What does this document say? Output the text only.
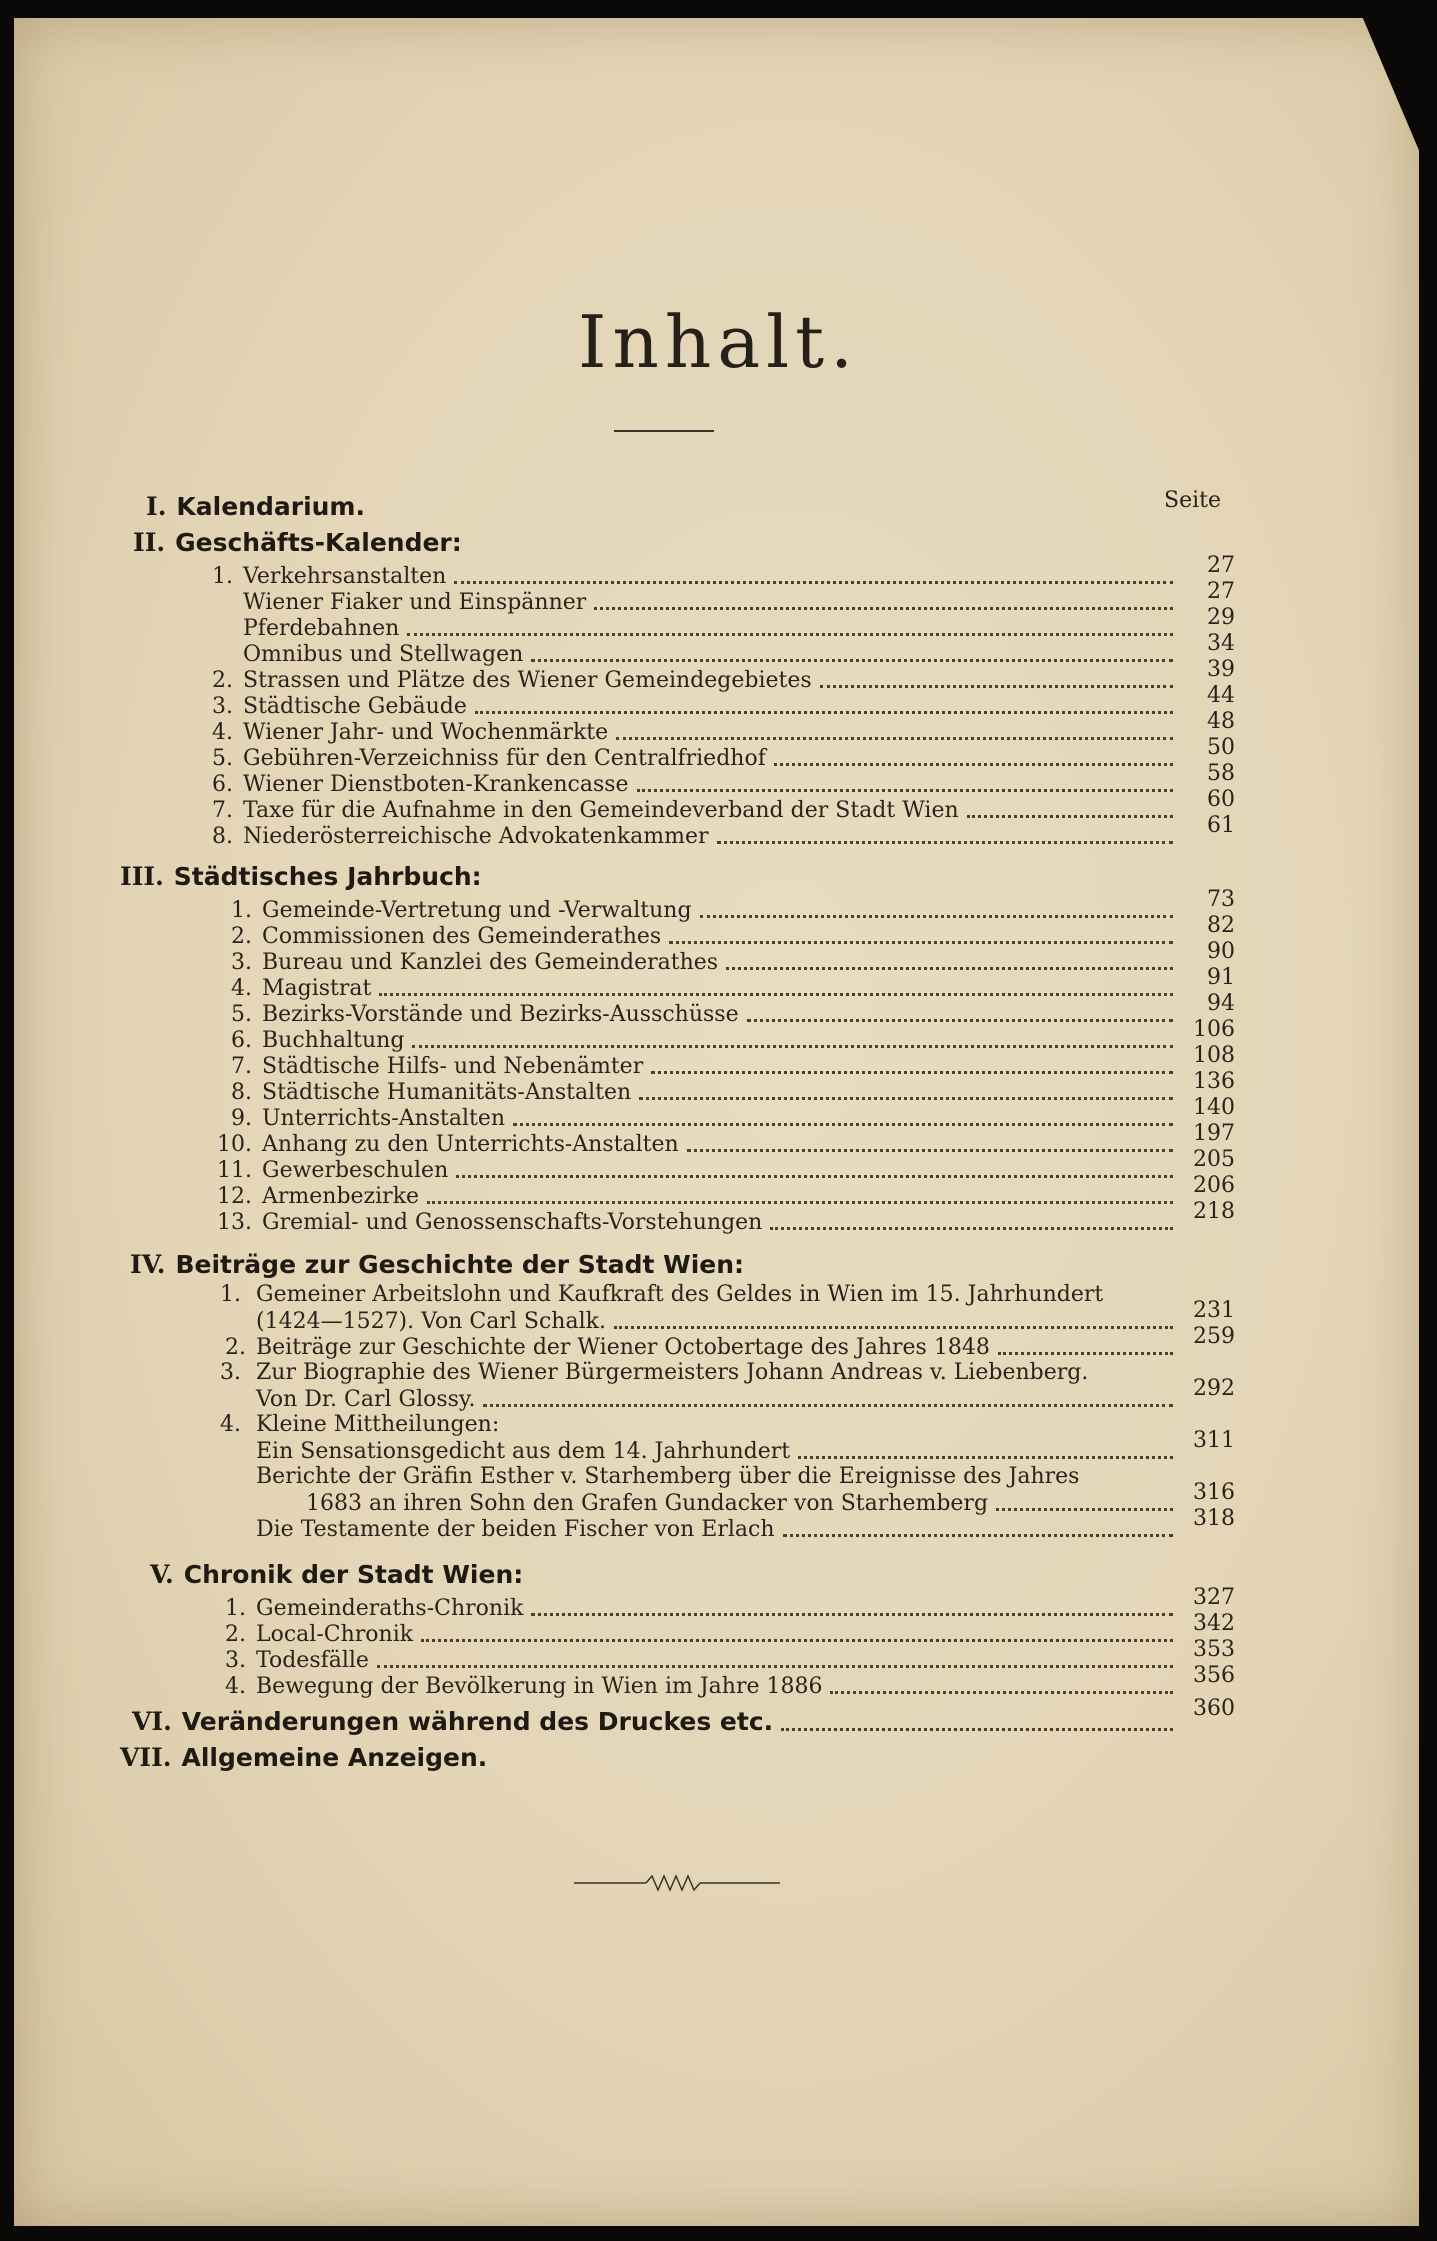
Inhalt.
Seite
I. Kalendarium.
II. Geschäfts-Kalender:
1. Verkehrsanstalten	27
Wiener Fiaker und Einspänner	27
Pferdebahnen	29
Omnibus und Stellwagen	34
2. Strassen und Plätze des Wiener Gemeindegebietes	39
3. Städtische Gebäude	44
4. Wiener Jahr- und Wochenmärkte	48
5. Gebühren-Verzeichniss für den Centralfriedhof	50
6. Wiener Dienstboten-Krankencasse	58
7. Taxe für die Aufnahme in den Gemeindeverband der Stadt Wien	60
8. Niederösterreichische Advokatenkammer	61
III. Städtisches Jahrbuch:
1. Gemeinde-Vertretung und -Verwaltung	73
2. Commissionen des Gemeinderathes	82
3. Bureau und Kanzlei des Gemeinderathes	90
4. Magistrat	91
5. Bezirks-Vorstände und Bezirks-Ausschüsse	94
6. Buchhaltung	106
7. Städtische Hilfs- und Nebenämter	108
8. Städtische Humanitäts-Anstalten	136
9. Unterrichts-Anstalten	140
10. Anhang zu den Unterrichts-Anstalten	197
11. Gewerbeschulen	205
12. Armenbezirke	206
13. Gremial- und Genossenschafts-Vorstehungen	218
IV. Beiträge zur Geschichte der Stadt Wien:
1. Gemeiner Arbeitslohn und Kaufkraft des Geldes in Wien im 15. Jahrhundert
(1424—1527). Von Carl Schalk.	231
2. Beiträge zur Geschichte der Wiener Octobertage des Jahres 1848	259
3. Zur Biographie des Wiener Bürgermeisters Johann Andreas v. Liebenberg.
Von Dr. Carl Glossy.	292
4. Kleine Mittheilungen:
Ein Sensationsgedicht aus dem 14. Jahrhundert	311
Berichte der Gräfin Esther v. Starhemberg über die Ereignisse des Jahres
1683 an ihren Sohn den Grafen Gundacker von Starhemberg	316
Die Testamente der beiden Fischer von Erlach	318
V. Chronik der Stadt Wien:
1. Gemeinderaths-Chronik	327
2. Local-Chronik	342
3. Todesfälle	353
4. Bewegung der Bevölkerung in Wien im Jahre 1886	356
VI. Veränderungen während des Druckes etc.	360
VII. Allgemeine Anzeigen.
